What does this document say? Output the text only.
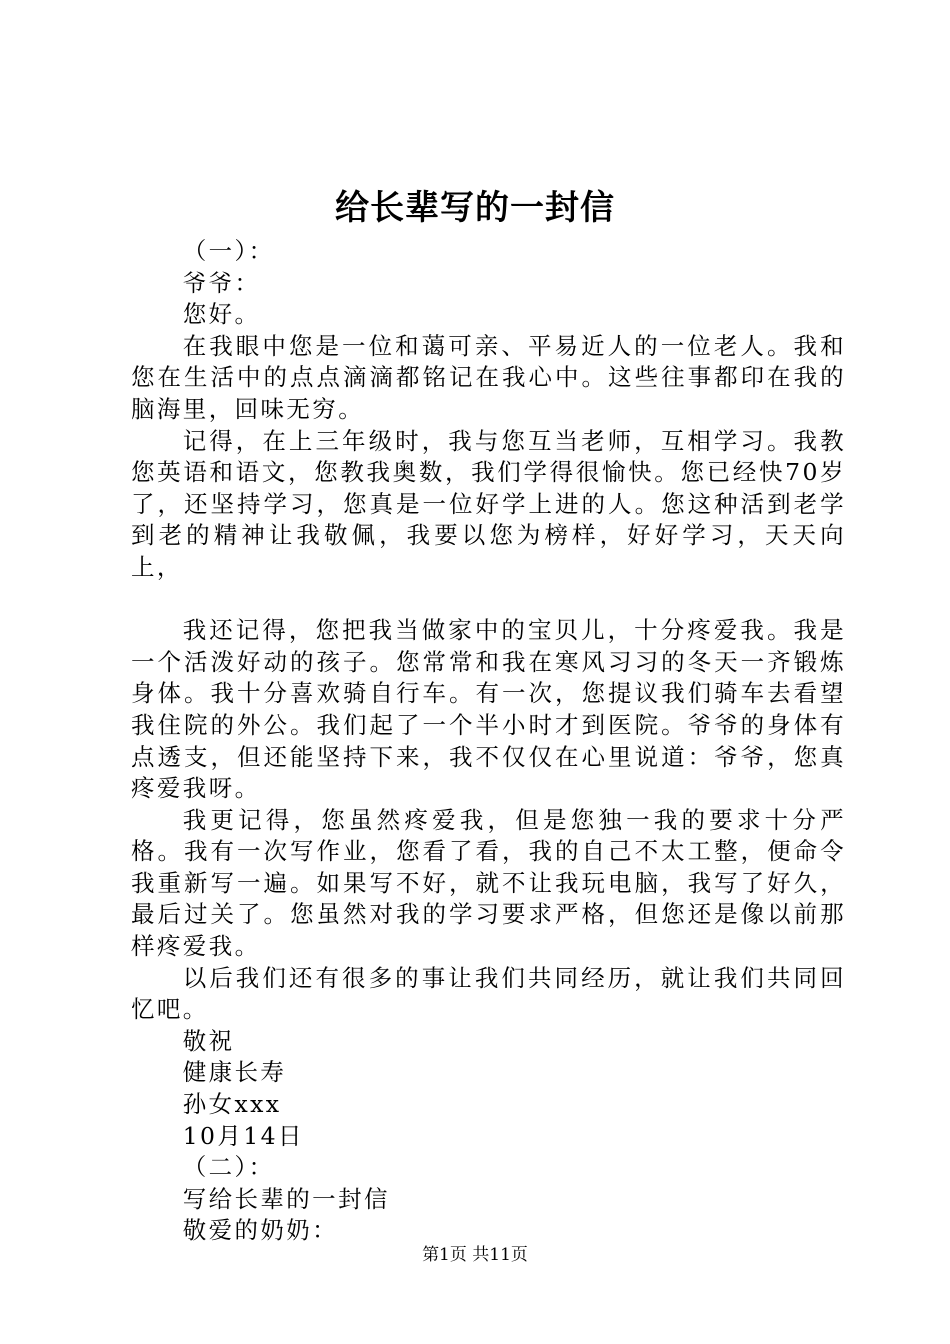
给长辈写的一封信

（一）：

爷爷：

您好。

在我眼中您是一位和蔼可亲、平易近人的一位老人。我和您在生活中的点点滴滴都铭记在我心中。这些往事都印在我的脑海里，回味无穷。

记得，在上三年级时，我与您互当老师，互相学习。我教您英语和语文，您教我奥数，我们学得很愉快。您已经快70岁了，还坚持学习，您真是一位好学上进的人。您这种活到老学到老的精神让我敬佩，我要以您为榜样，好好学习，天天向上，

我还记得，您把我当做家中的宝贝儿，十分疼爱我。我是一个活泼好动的孩子。您常常和我在寒风习习的冬天一齐锻炼身体。我十分喜欢骑自行车。有一次，您提议我们骑车去看望我住院的外公。我们起了一个半小时才到医院。爷爷的身体有点透支，但还能坚持下来，我不仅仅在心里说道：爷爷，您真疼爱我呀。

我更记得，您虽然疼爱我，但是您独一我的要求十分严格。我有一次写作业，您看了看，我的自己不太工整，便命令我重新写一遍。如果写不好，就不让我玩电脑，我写了好久，最后过关了。您虽然对我的学习要求严格，但您还是像以前那样疼爱我。

以后我们还有很多的事让我们共同经历，就让我们共同回忆吧。

敬祝

健康长寿

孙女xxx

10月14日

（二）：

写给长辈的一封信

敬爱的奶奶：

第1页 共11页
